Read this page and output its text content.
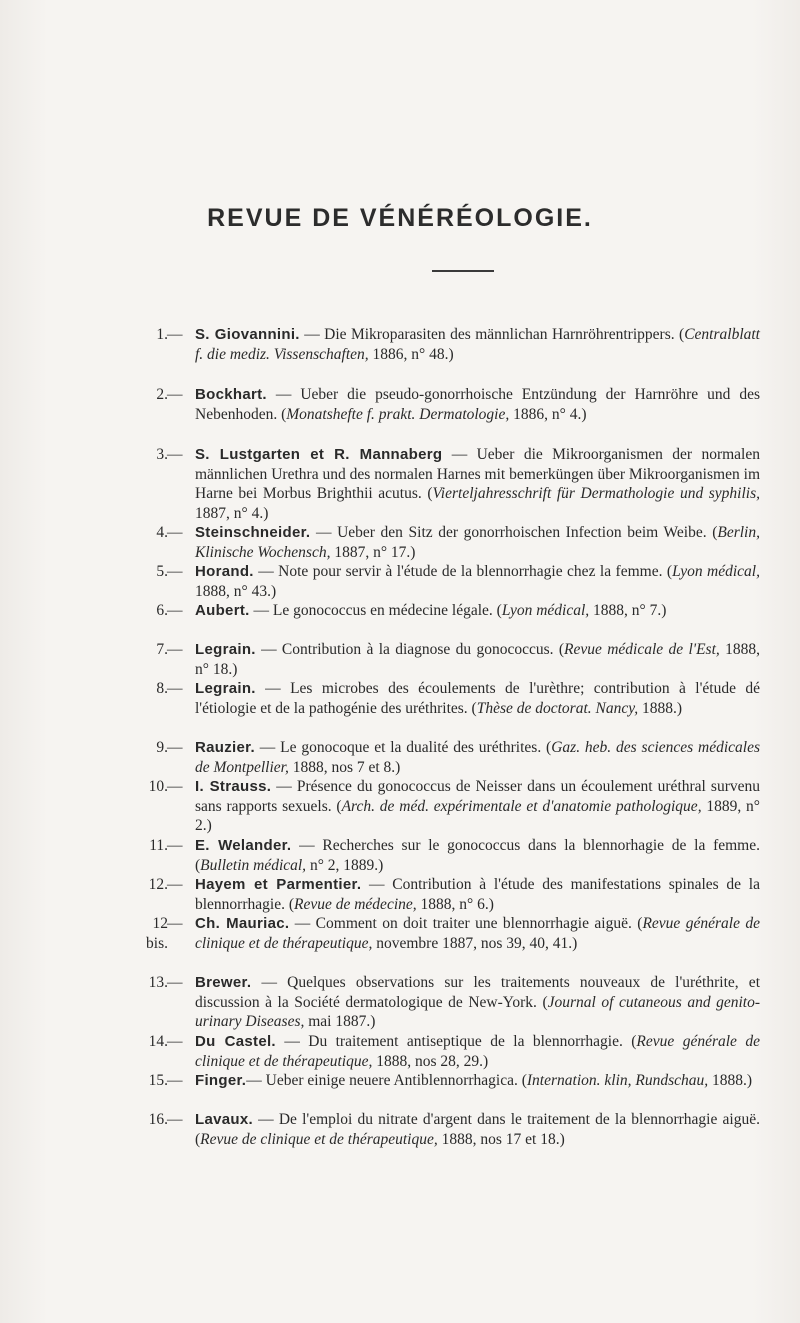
REVUE DE VÉNÉRÉOLOGIE.
1. — S. Giovannini. — Die Mikroparasiten des männlichan Harnröhrentrippers. (Centralblatt f. die mediz. Vissenschaften, 1886, n° 48.)
2. — Bockhart. — Ueber die pseudo-gonorrhoische Entzündung der Harnröhre und des Nebenhoden. (Monatshefte f. prakt. Dermatologie, 1886, n° 4.)
3. — S. Lustgarten et R. Mannaberg — Ueber die Mikroorganismen der normalen männlichen Urethra und des normalen Harnes mit bemerküngen über Mikroorganismen im Harne bei Morbus Brighthii acutus. (Vierteljahresschrift für Dermathologie und syphilis, 1887, n° 4.)
4. — Steinschneider. — Ueber den Sitz der gonorrhoischen Infection beim Weibe. (Berlin, Klinische Wochensch, 1887, n° 17.)
5. — Horand. — Note pour servir à l'étude de la blennorrhagie chez la femme. (Lyon médical, 1888, n° 43.)
6. — Aubert. — Le gonococcus en médecine légale. (Lyon médical, 1888, n° 7.)
7. — Legrain. — Contribution à la diagnose du gonococcus. (Revue médicale de l'Est, 1888, n° 18.)
8. — Legrain. — Les microbes des écoulements de l'urèthre; contribution à l'étude dé l'étiologie et de la pathogénie des uréthrites. (Thèse de doctorat. Nancy, 1888.)
9. — Rauzier. — Le gonocoque et la dualité des uréthrites. (Gaz. heb. des sciences médicales de Montpellier, 1888, nos 7 et 8.)
10. — I. Strauss. — Présence du gonococcus de Neisser dans un écoulement uréthral survenu sans rapports sexuels. (Arch. de méd. expérimentale et d'anatomie pathologique, 1889, n° 2.)
11. — E. Welander. — Recherches sur le gonococcus dans la blennorhagie de la femme. (Bulletin médical, n° 2, 1889.)
12. — Hayem et Parmentier. — Contribution à l'étude des manifestations spinales de la blennorrhagie. (Revue de médecine, 1888, n° 6.)
12 bis.
— Ch. Mauriac. — Comment on doit traiter une blennorrhagie aiguë. (Revue générale de clinique et de thérapeutique, novembre 1887, nos 39, 40, 41.)
13. — Brewer. — Quelques observations sur les traitements nouveaux de l'uréthrite, et discussion à la Société dermatologique de New-York. (Journal of cutaneous and genito-urinary Diseases, mai 1887.)
14. — Du Castel. — Du traitement antiseptique de la blennorrhagie. (Revue générale de clinique et de thérapeutique, 1888, nos 28, 29.)
15. — Finger.— Ueber einige neuere Antiblennorrhagica. (Internation. klin, Rundschau, 1888.)
16. — Lavaux. — De l'emploi du nitrate d'argent dans le traitement de la blennorrhagie aiguë. (Revue de clinique et de thérapeutique, 1888, nos 17 et 18.)
